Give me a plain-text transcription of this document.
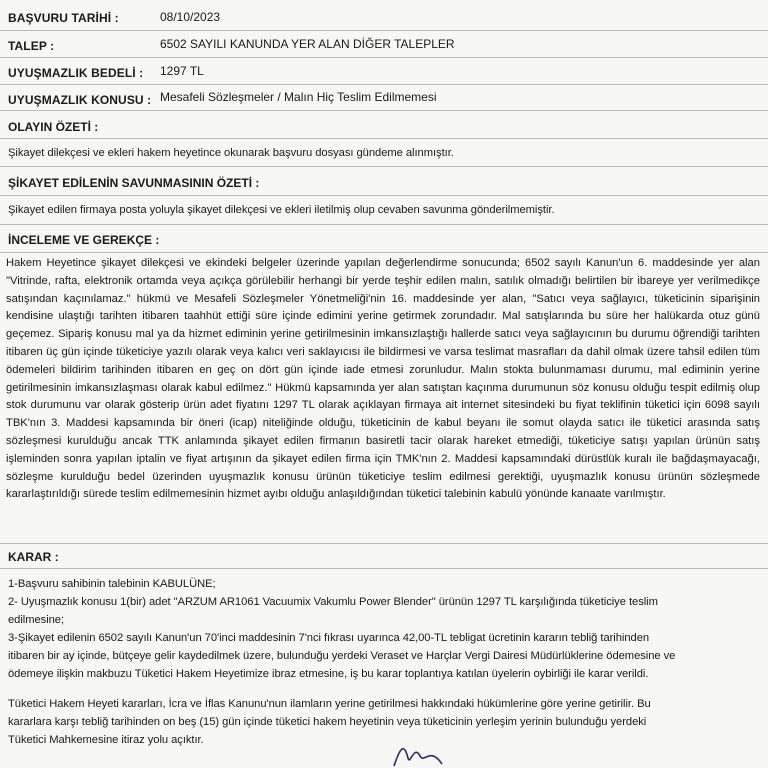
BAŞVURU TARİHİ :	08/10/2023
TALEP :	6502 SAYILI KANUNDA YER ALAN DİĞER TALEPLER
UYUŞMAZLIK BEDELİ : 1297 TL
UYUŞMAZLIK KONUSU : Mesafeli Sözleşmeler / Malın Hiç Teslim Edilmemesi
OLAYIN ÖZETİ :
Şikayet dilekçesi ve ekleri hakem heyetince okunarak başvuru dosyası gündeme alınmıştır.
ŞİKAYET EDİLENİN SAVUNMASININ ÖZETİ :
Şikayet edilen firmaya posta yoluyla şikayet dilekçesi ve ekleri iletilmiş olup cevaben savunma gönderilmemiştir.
İNCELEME VE GEREKÇE :

Hakem Heyetince şikayet dilekçesi ve ekindeki belgeler üzerinde yapılan değerlendirme sonucunda; 6502 sayılı Kanun'un 6. maddesinde yer alan "Vitrinde, rafta, elektronik ortamda veya açıkça görülebilir herhangi bir yerde teşhir edilen malın, satılık olmadığı belirtilen bir ibareye yer verilmedikçe satışından kaçınılamaz." hükmü ve Mesafeli Sözleşmeler Yönetmeliği'nin 16. maddesinde yer alan, "Satıcı veya sağlayıcı, tüketicinin siparişinin kendisine ulaştığı tarihten itibaren taahhüt ettiği süre içinde edimini yerine getirmek zorundadır. Mal satışlarında bu süre her halükarda otuz günü geçemez. Sipariş konusu mal ya da hizmet ediminin yerine getirilmesinin imkansızlaştığı hallerde satıcı veya sağlayıcının bu durumu öğrendiği tarihten itibaren üç gün içinde tüketiciye yazılı olarak veya kalıcı veri saklayıcısı ile bildirmesi ve varsa teslimat masrafları da dahil olmak üzere tahsil edilen tüm ödemeleri bildirim tarihinden itibaren en geç on dört gün içinde iade etmesi zorunludur. Malın stokta bulunmaması durumu, mal ediminin yerine getirilmesinin imkansızlaşması olarak kabul edilmez." Hükmü kapsamında yer alan satıştan kaçınma durumunun söz konusu olduğu tespit edilmiş olup stok durumunu var olarak gösterip ürün adet fiyatını 1297 TL olarak açıklayan firmaya ait internet sitesindeki bu fiyat teklifinin tüketici için 6098 sayılı TBK'nın 3. Maddesi kapsamında bir öneri (icap) niteliğinde olduğu, tüketicinin de kabul beyanı ile somut olayda satıcı ile tüketici arasında satış sözleşmesi kurulduğu ancak TTK anlamında şikayet edilen firmanın basiretli tacir olarak hareket etmediği, tüketiciye satışı yapılan ürünün satış işleminden sonra yapılan iptalin ve fiyat artışının da şikayet edilen firma için TMK'nın 2. Maddesi kapsamındaki dürüstlük kuralı ile bağdaşmayacağı, sözleşme kurulduğu bedel üzerinden uyuşmazlık konusu ürünün tüketiciye teslim edilmesi gerektiği, uyuşmazlık konusu ürünün sözleşmede kararlaştırıldığı sürede teslim edilmemesinin hizmet ayıbı olduğu anlaşıldığından tüketici talebinin kabulü yönünde kanaate varılmıştır.

KARAR :
1-Başvuru sahibinin talebinin KABULÜNE;
2- Uyuşmazlık konusu 1(bir) adet "ARZUM AR1061 Vacuumix Vakumlu Power Blender" ürünün 1297 TL karşılığında tüketiciye teslim
edilmesine;
3-Şikayet edilenin 6502 sayılı Kanun'un 70'inci maddesinin 7'nci fıkrası uyarınca 42,00-TL tebligat ücretinin kararın tebliğ tarihinden
itibaren bir ay içinde, bütçeye gelir kaydedilmek üzere, bulunduğu yerdeki Veraset ve Harçlar Vergi Dairesi Müdürlüklerine ödemesine ve
ödemeye ilişkin makbuzu Tüketici Hakem Heyetimize ibraz etmesine, iş bu karar toplantıya katılan üyelerin oybirliği ile karar verildi.
Tüketici Hakem Heyeti kararları, İcra ve İflas Kanunu'nun ilamların yerine getirilmesi hakkındaki hükümlerine göre yerine getirilir. Bu
kararlara karşı tebliğ tarihinden on beş (15) gün içinde tüketici hakem heyetinin veya tüketicinin yerleşim yerinin bulunduğu yerdeki
Tüketici Mahkemesine itiraz yolu açıktır.
